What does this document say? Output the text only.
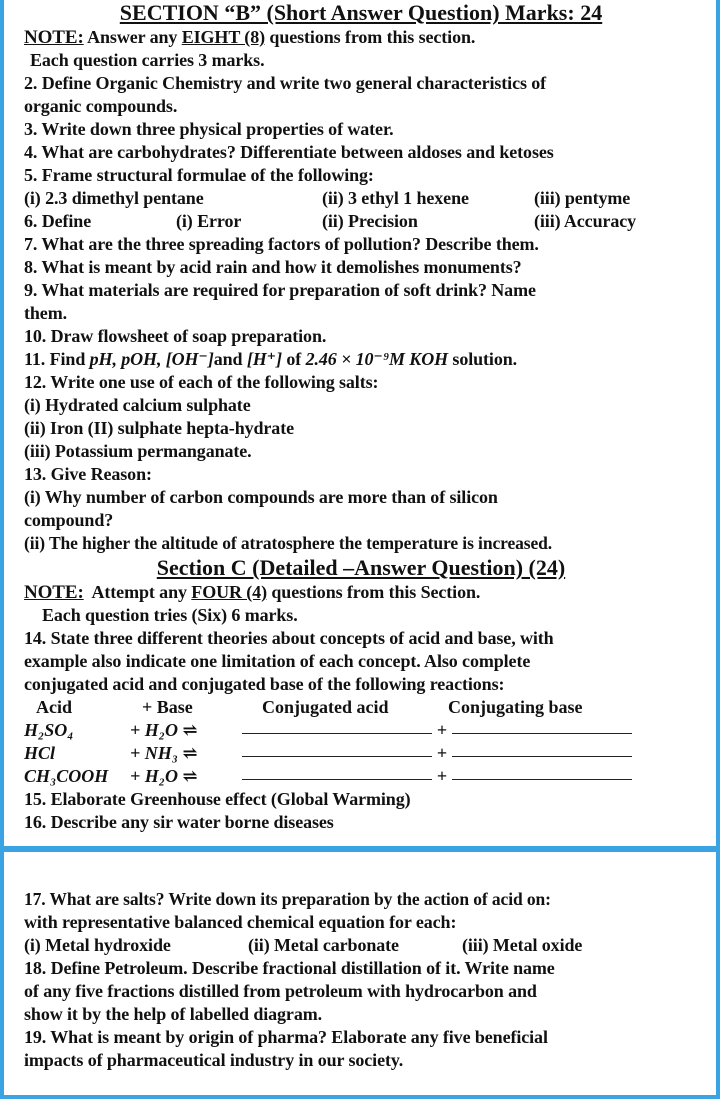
SECTION “B” (Short Answer Question) Marks: 24
NOTE: Answer any EIGHT (8) questions from this section.
Each question carries 3 marks.
2. Define Organic Chemistry and write two general characteristics of
organic compounds.
3. Write down three physical properties of water.
4. What are carbohydrates? Differentiate between aldoses and ketoses
5. Frame structural formulae of the following:
(i) 2.3 dimethyl pentane	(ii) 3 ethyl 1 hexene	(iii) pentyme
6. Define	(i) Error	(ii) Precision	(iii) Accuracy
7. What are the three spreading factors of pollution? Describe them.
8. What is meant by acid rain and how it demolishes monuments?
9. What materials are required for preparation of soft drink? Name
them.
10. Draw flowsheet of soap preparation.
11. Find pH, pOH, [OH⁻]and [H⁺] of 2.46 × 10⁻⁹M KOH solution.
12. Write one use of each of the following salts:
(i) Hydrated calcium sulphate
(ii) Iron (II) sulphate hepta-hydrate
(iii) Potassium permanganate.
13. Give Reason:
(i) Why number of carbon compounds are more than of silicon
compound?
(ii) The higher the altitude of atratosphere the temperature is increased.
Section C (Detailed –Answer Question) (24)
NOTE: Attempt any FOUR (4) questions from this Section.
Each question tries (Six) 6 marks.
14. State three different theories about concepts of acid and base, with
example also indicate one limitation of each concept. Also complete
conjugated acid and conjugated base of the following reactions:
Acid	+ Base	Conjugated acid	Conjugating base
H₂SO₄	+ H₂O ⇌	+
HCl	+ NH₃ ⇌	+
CH₃COOH	+ H₂O ⇌	+
15. Elaborate Greenhouse effect (Global Warming)
16. Describe any sir water borne diseases
17. What are salts? Write down its preparation by the action of acid on:
with representative balanced chemical equation for each:
(i) Metal hydroxide	(ii) Metal carbonate	(iii) Metal oxide
18. Define Petroleum. Describe fractional distillation of it. Write name
of any five fractions distilled from petroleum with hydrocarbon and
show it by the help of labelled diagram.
19. What is meant by origin of pharma? Elaborate any five beneficial
impacts of pharmaceutical industry in our society.
